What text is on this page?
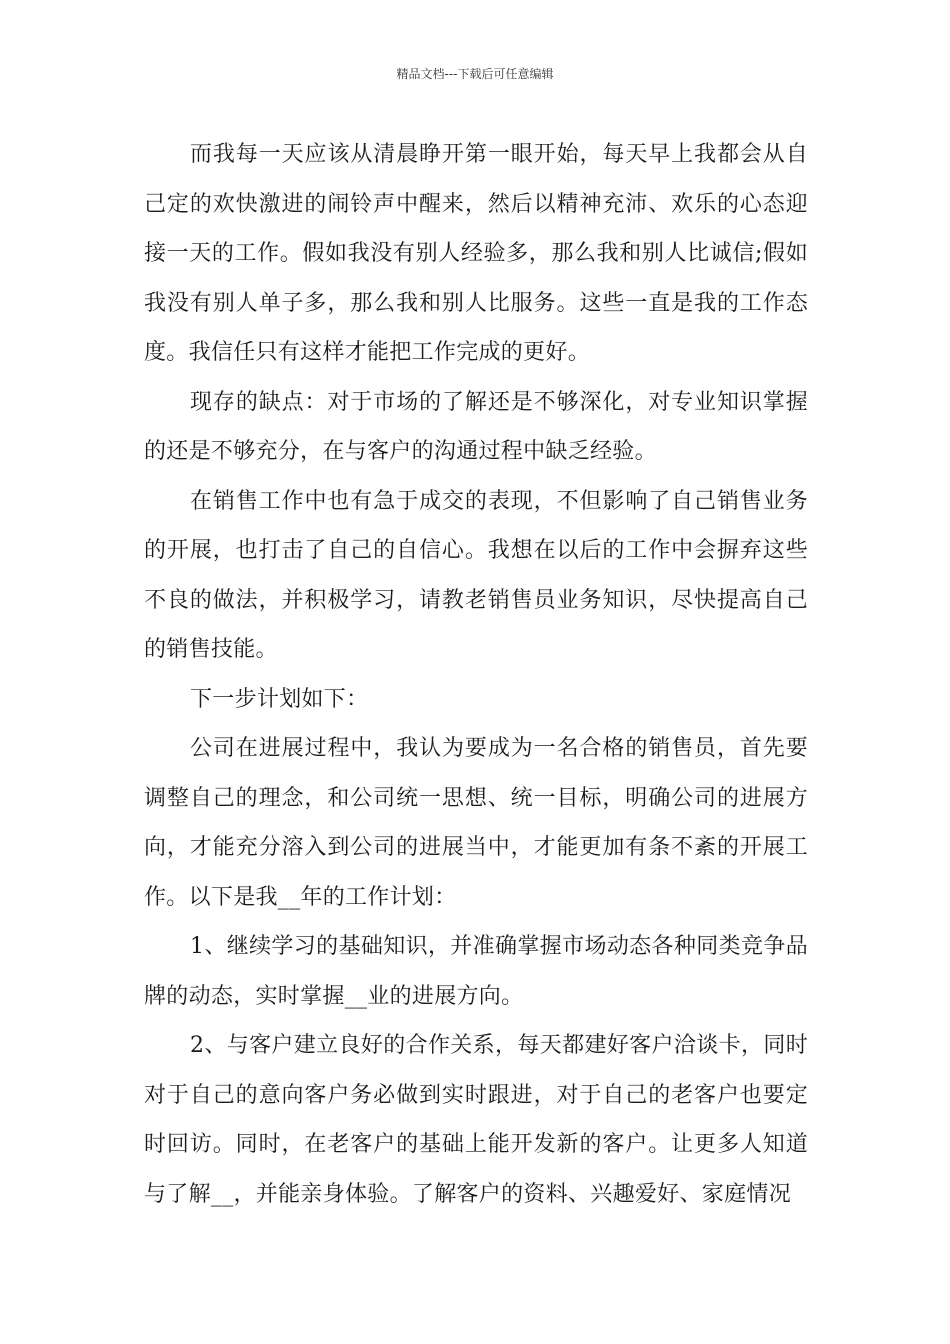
精品文档---下载后可任意编辑

而我每一天应该从清晨睁开第一眼开始，每天早上我都会从自己定的欢快激进的闹铃声中醒来，然后以精神充沛、欢乐的心态迎接一天的工作。假如我没有别人经验多，那么我和别人比诚信;假如我没有别人单子多，那么我和别人比服务。这些一直是我的工作态度。我信任只有这样才能把工作完成的更好。

现存的缺点：对于市场的了解还是不够深化，对专业知识掌握的还是不够充分，在与客户的沟通过程中缺乏经验。

在销售工作中也有急于成交的表现，不但影响了自己销售业务的开展，也打击了自己的自信心。我想在以后的工作中会摒弃这些不良的做法，并积极学习，请教老销售员业务知识，尽快提高自己的销售技能。

下一步计划如下：

公司在进展过程中，我认为要成为一名合格的销售员，首先要调整自己的理念，和公司统一思想、统一目标，明确公司的进展方向，才能充分溶入到公司的进展当中，才能更加有条不紊的开展工作。以下是我__年的工作计划：

1、继续学习的基础知识，并准确掌握市场动态各种同类竞争品牌的动态，实时掌握__业的进展方向。

2、与客户建立良好的合作关系，每天都建好客户洽谈卡，同时对于自己的意向客户务必做到实时跟进，对于自己的老客户也要定时回访。同时，在老客户的基础上能开发新的客户。让更多人知道与了解__，并能亲身体验。了解客户的资料、兴趣爱好、家庭情况
